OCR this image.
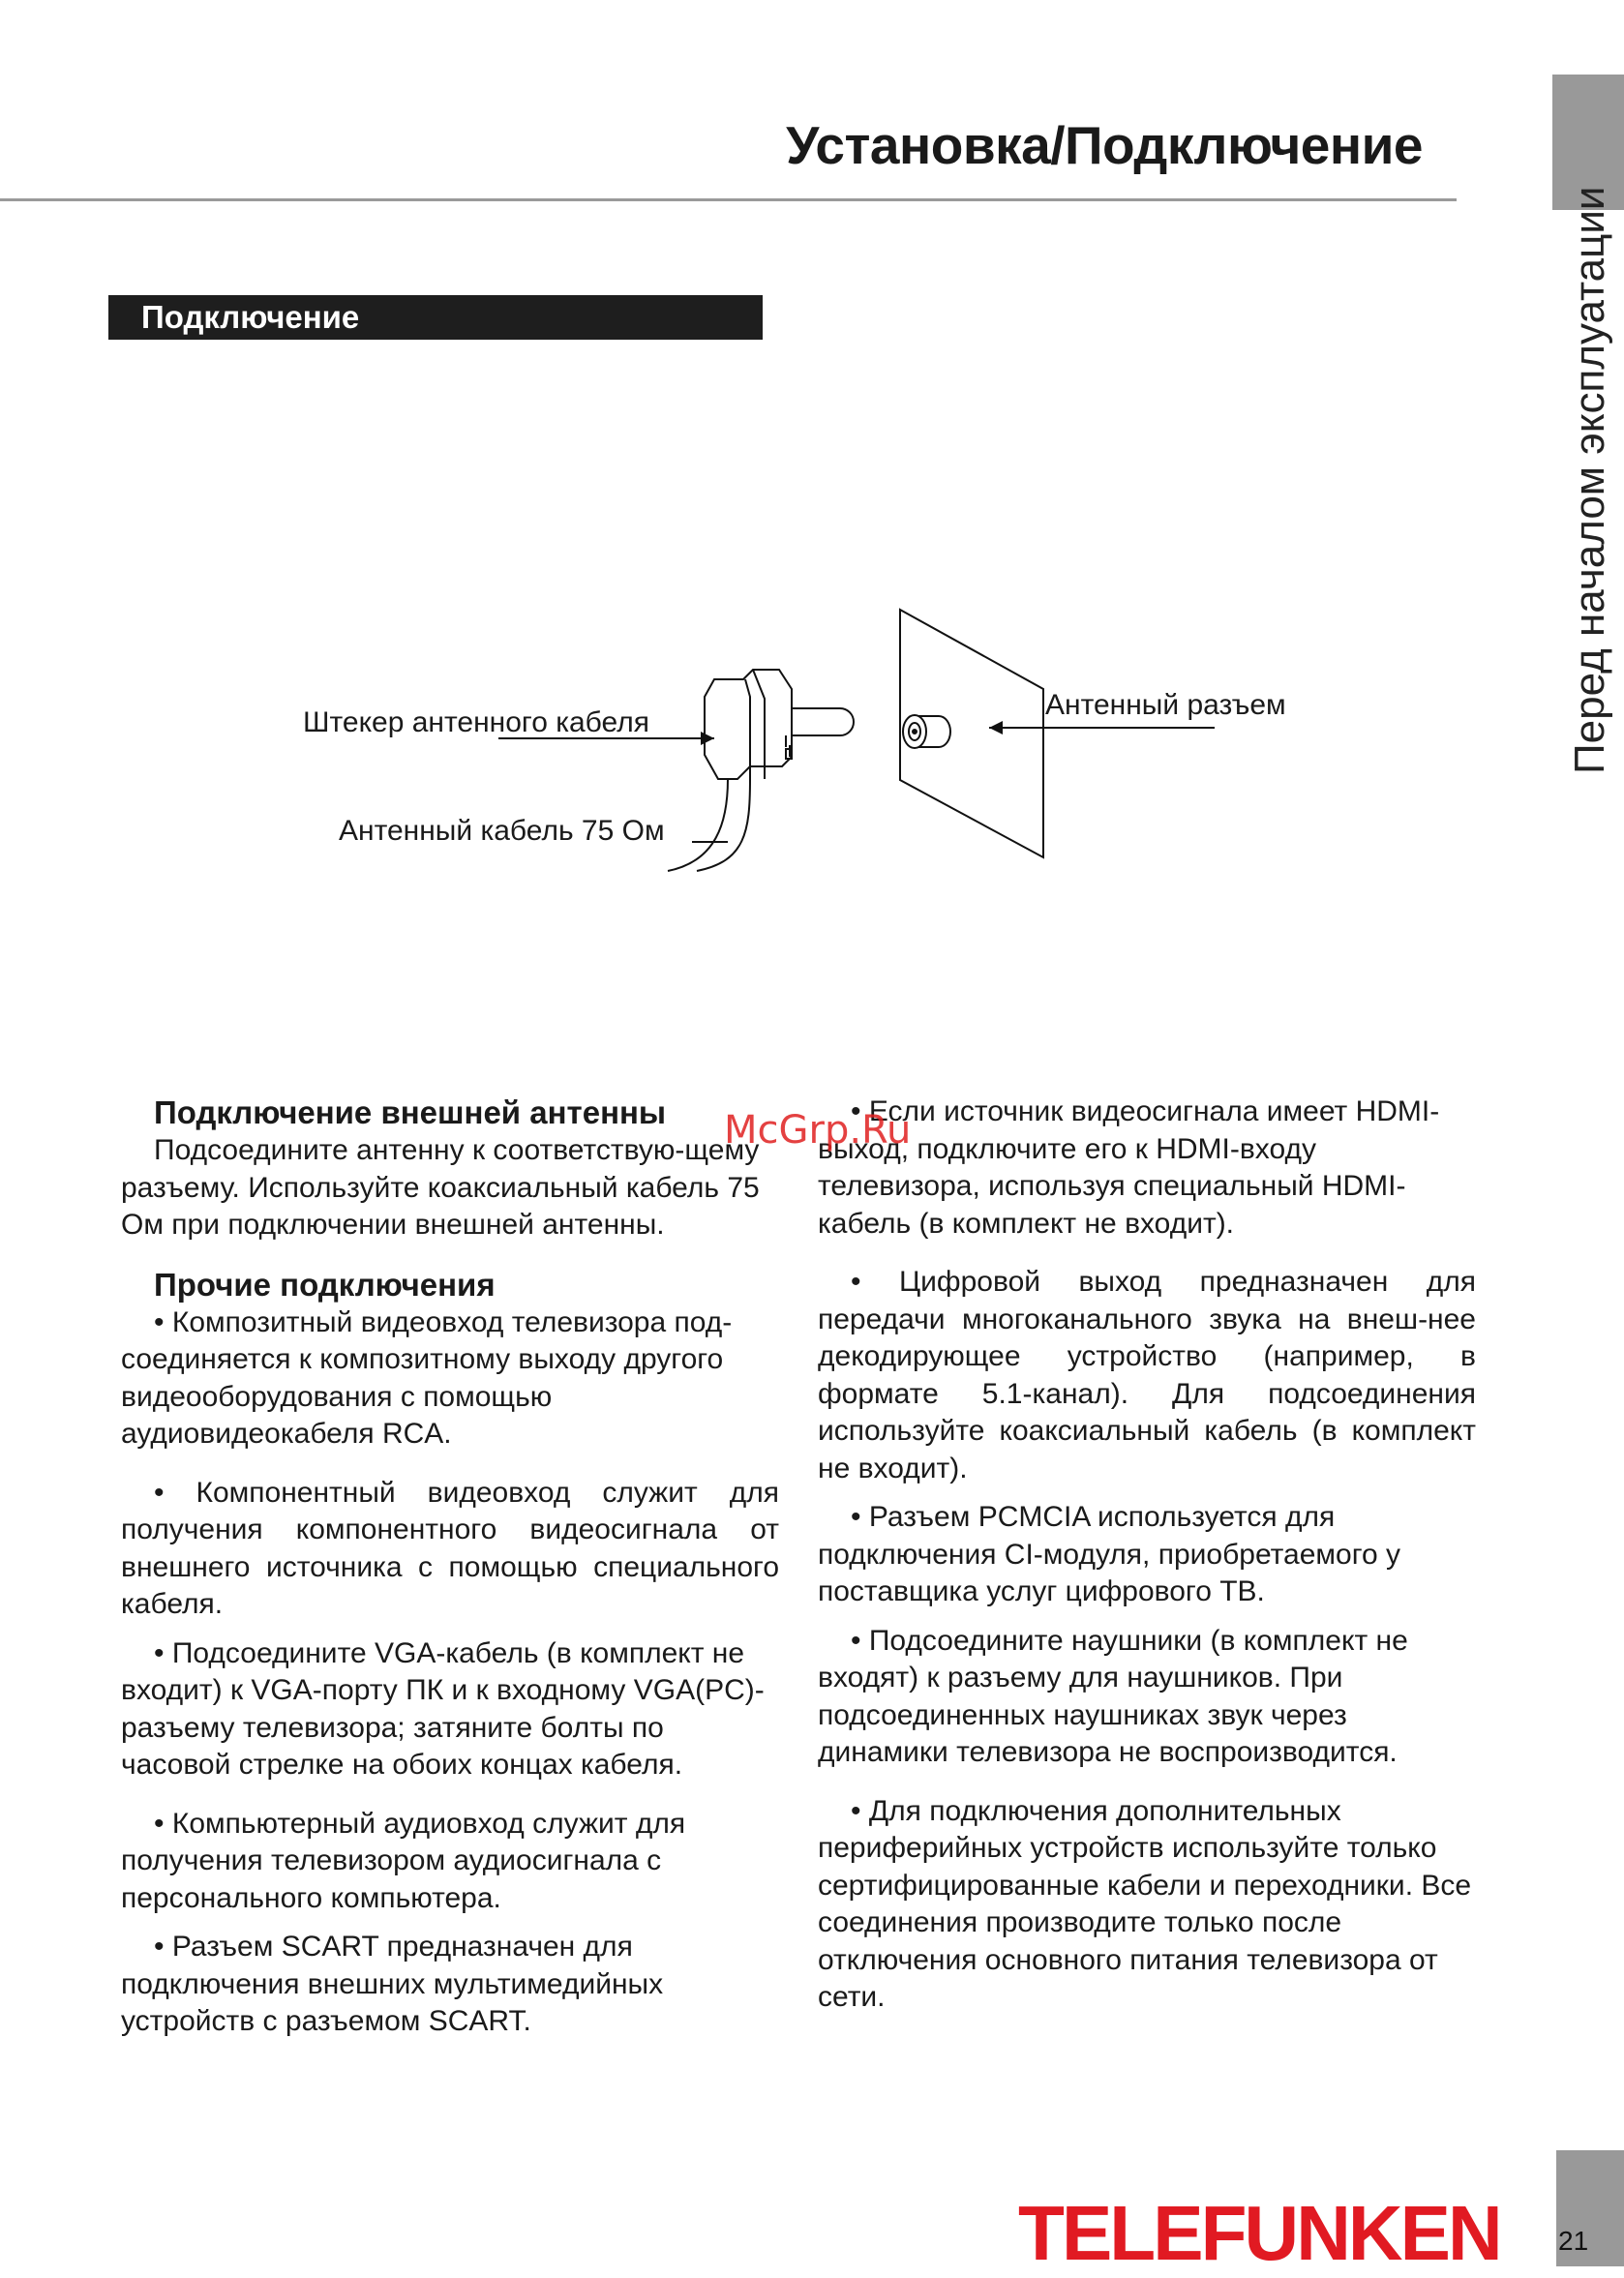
Установка/Подключение
Перед началом эксплуатации
Подключение
Штекер антенного кабеля
Антенный кабель 75 Ом
Антенный разъем
Подключение внешней антенны

Подсоедините антенну к соответствую-щему разъему. Используйте коаксиальный кабель 75 Ом при подключении внешней антенны.

Прочие подключения

• Композитный видеовход телевизора под-соединяется к композитному выходу другого видеооборудования с помощью аудиовидеокабеля RCA.

• Компонентный видеовход служит для получения компонентного видеосигнала от внешнего источника с помощью специального кабеля.

• Подсоедините VGA-кабель (в комплект не входит) к VGA-порту ПК и к входному VGA(PC)-разъему телевизора; затяните болты по часовой стрелке на обоих концах кабеля.

• Компьютерный аудиовход служит для получения телевизором аудиосигнала с персонального компьютера.

• Разъем SCART предназначен для подключения внешних мультимедийных устройств с разъемом SCART.

• Если источник видеосигнала имеет HDMI-выход, подключите его к HDMI-входу телевизора, используя специальный HDMI-кабель (в комплект не входит).

• Цифровой выход предназначен для передачи многоканального звука на внеш-нее декодирующее устройство (например, в формате 5.1-канал). Для подсоединения используйте коаксиальный кабель (в комплект не входит).

• Разъем PCMCIA используется для подключения CI-модуля, приобретаемого у поставщика услуг цифрового ТВ.

• Подсоедините наушники (в комплект не входят) к разъему для наушников. При подсоединенных наушниках звук через динамики телевизора не воспроизводится.

• Для подключения дополнительных периферийных устройств используйте только сертифицированные кабели и переходники. Все соединения производите только после отключения основного питания телевизора от сети.

McGrp.Ru
TELEFUNKEN 21
